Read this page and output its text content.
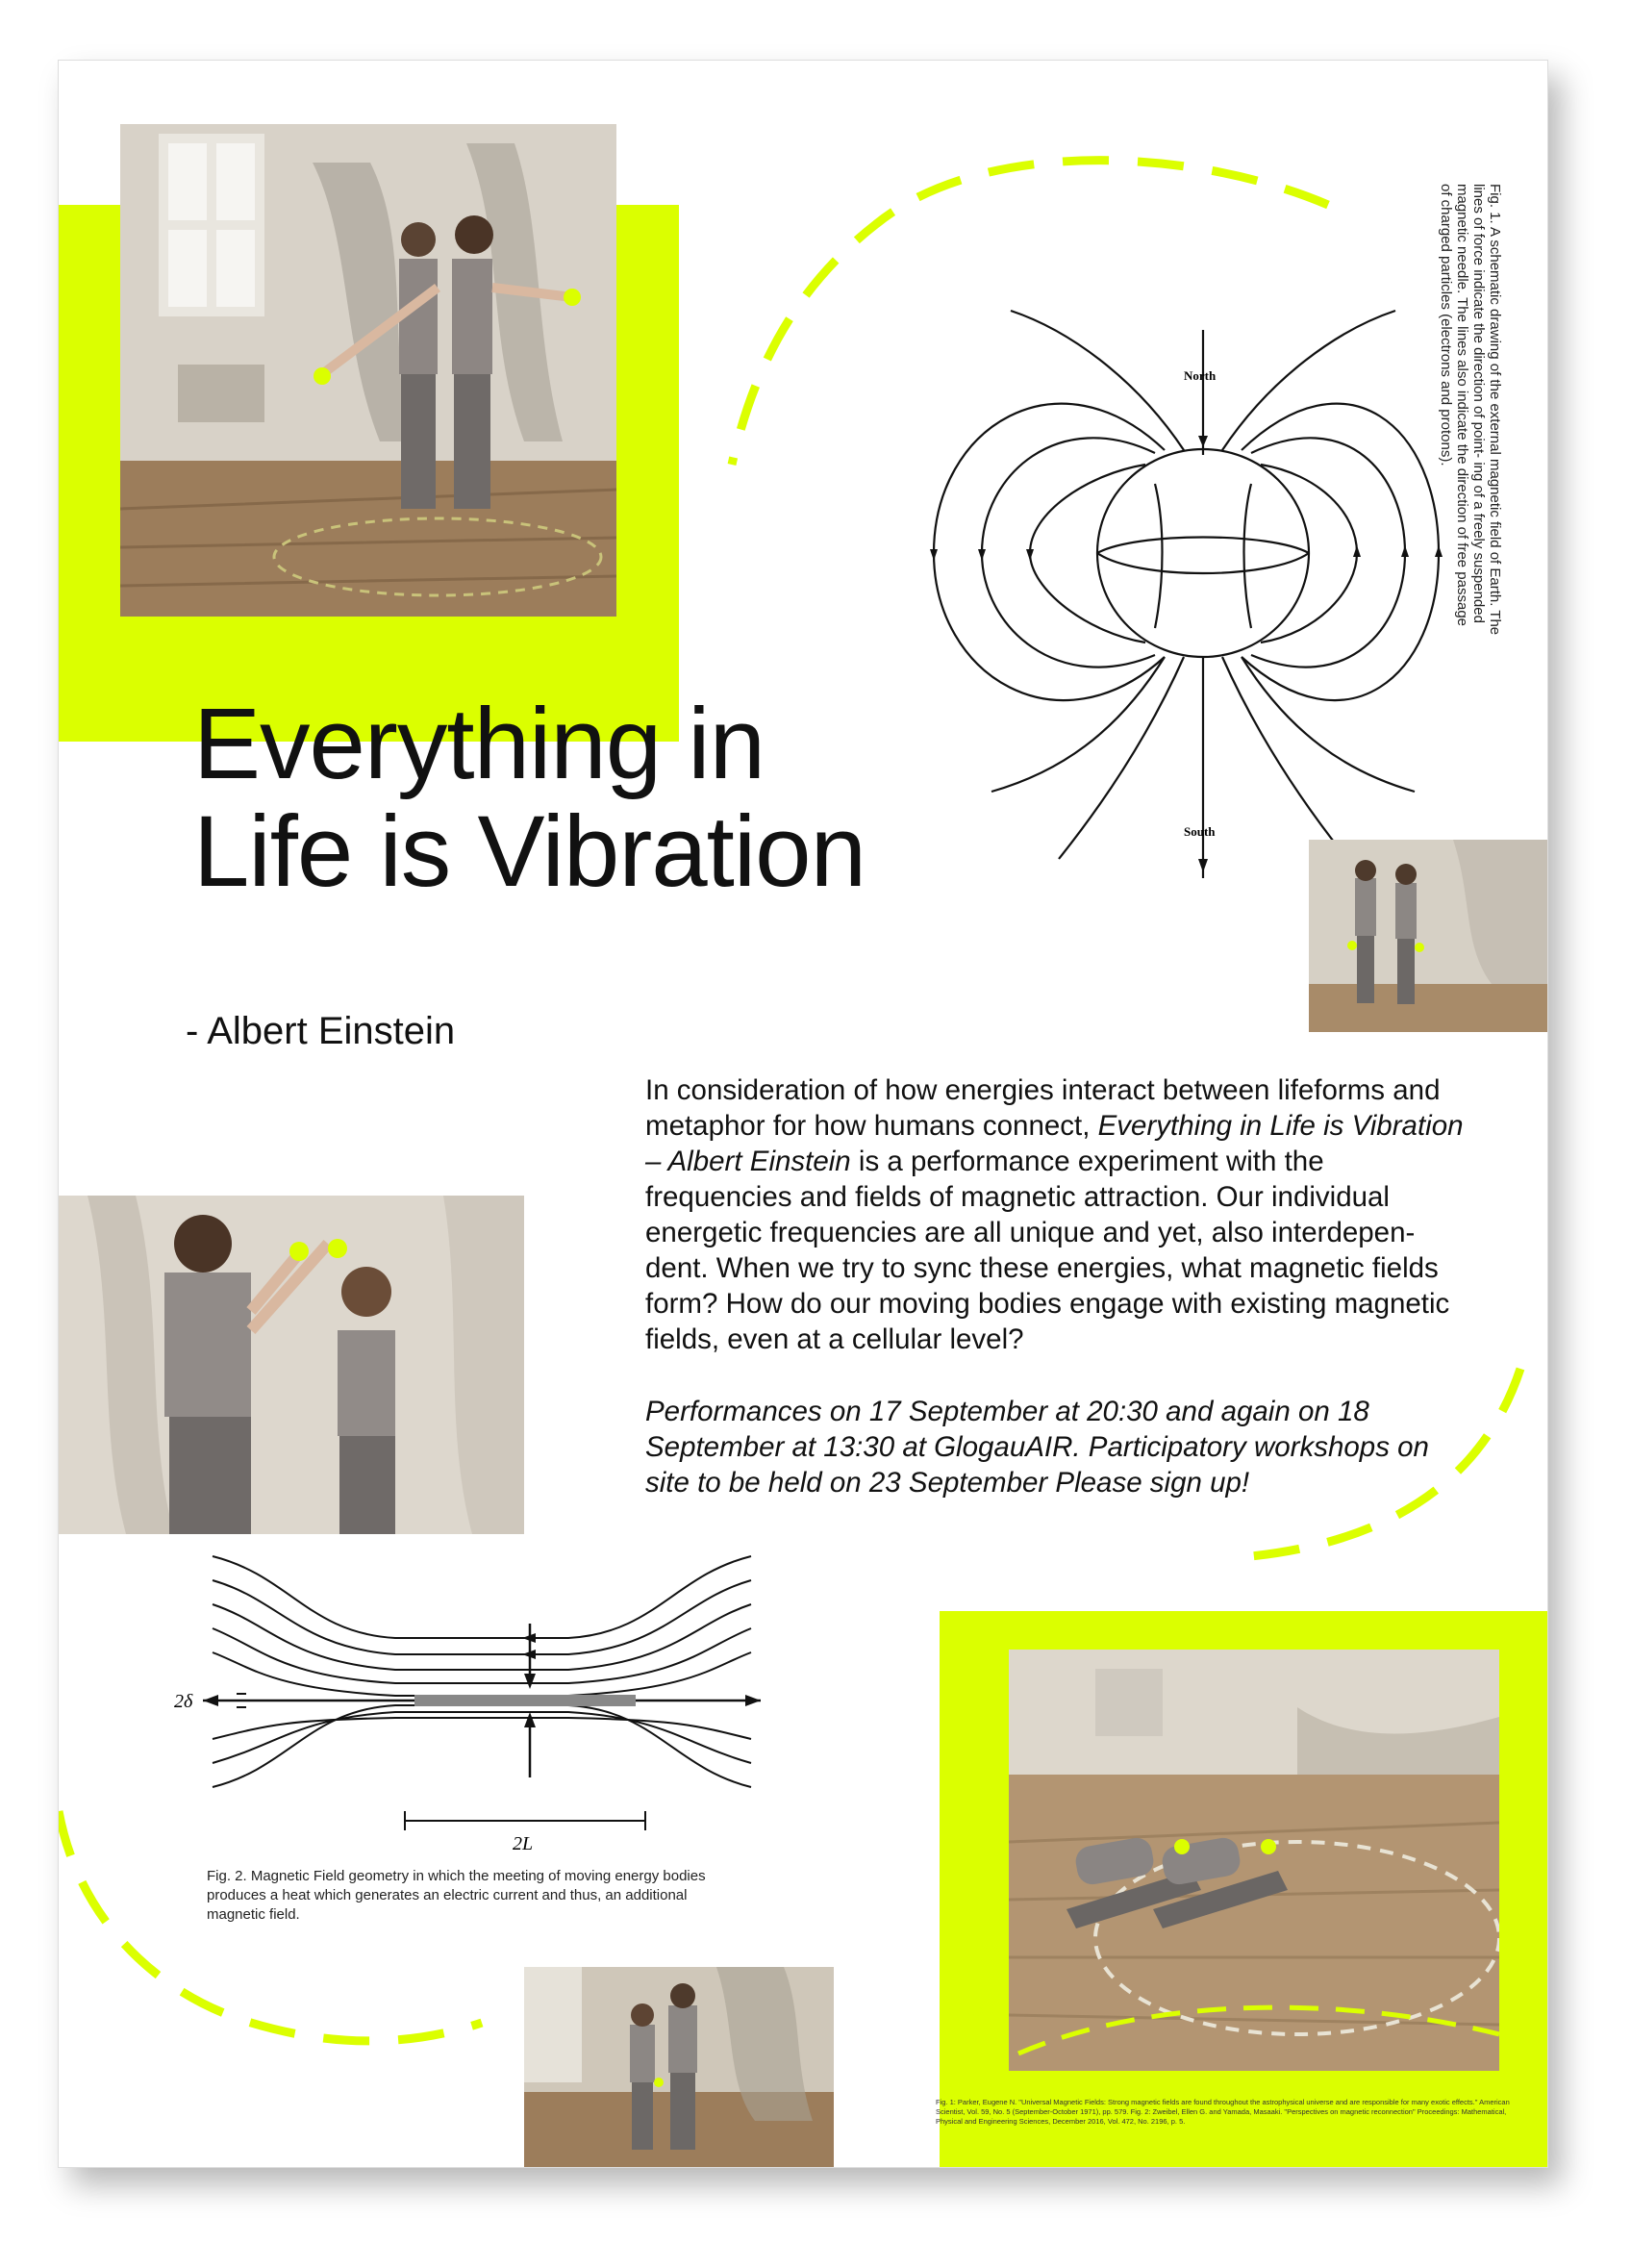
North
South
Fig. 1. A schematic drawing of the external magnetic field of Earth. The lines of force indicate the direction of point- ing of a freely suspended magnetic needle. The lines also indicate the direction of free passage of charged particles (electrons and protons).
Everything in
Life is Vibration
- Albert Einstein
In consideration of how energies interact between lifeforms and metaphor for how humans connect, Everything in Life is Vibration – Albert Einstein is a performance experiment with the frequencies and fields of magnetic attraction. Our individual energetic frequencies are all unique and yet, also interdepen- dent. When we try to sync these energies, what magnetic fields form? How do our moving bodies engage with existing magnetic fields, even at a cellular level?
Performances on 17 September at 20:30 and again on 18 September at 13:30 at GlogauAIR. Participatory workshops on site to be held on 23 September Please sign up!
2δ
2L
Fig. 2. Magnetic Field geometry in which the meeting of moving energy bodies produces a heat which generates an electric current and thus, an additional magnetic field.
Fig. 1: Parker, Eugene N. "Universal Magnetic Fields: Strong magnetic fields are found throughout the astrophysical universe and are responsible for many exotic effects." American Scientist, Vol. 59, No. 5 (September-October 1971), pp. 579. Fig. 2: Zweibel, Ellen G. and Yamada, Masaaki. "Perspectives on magnetic reconnection" Proceedings: Mathematical, Physical and Engineering Sciences, December 2016, Vol. 472, No. 2196, p. 5.
